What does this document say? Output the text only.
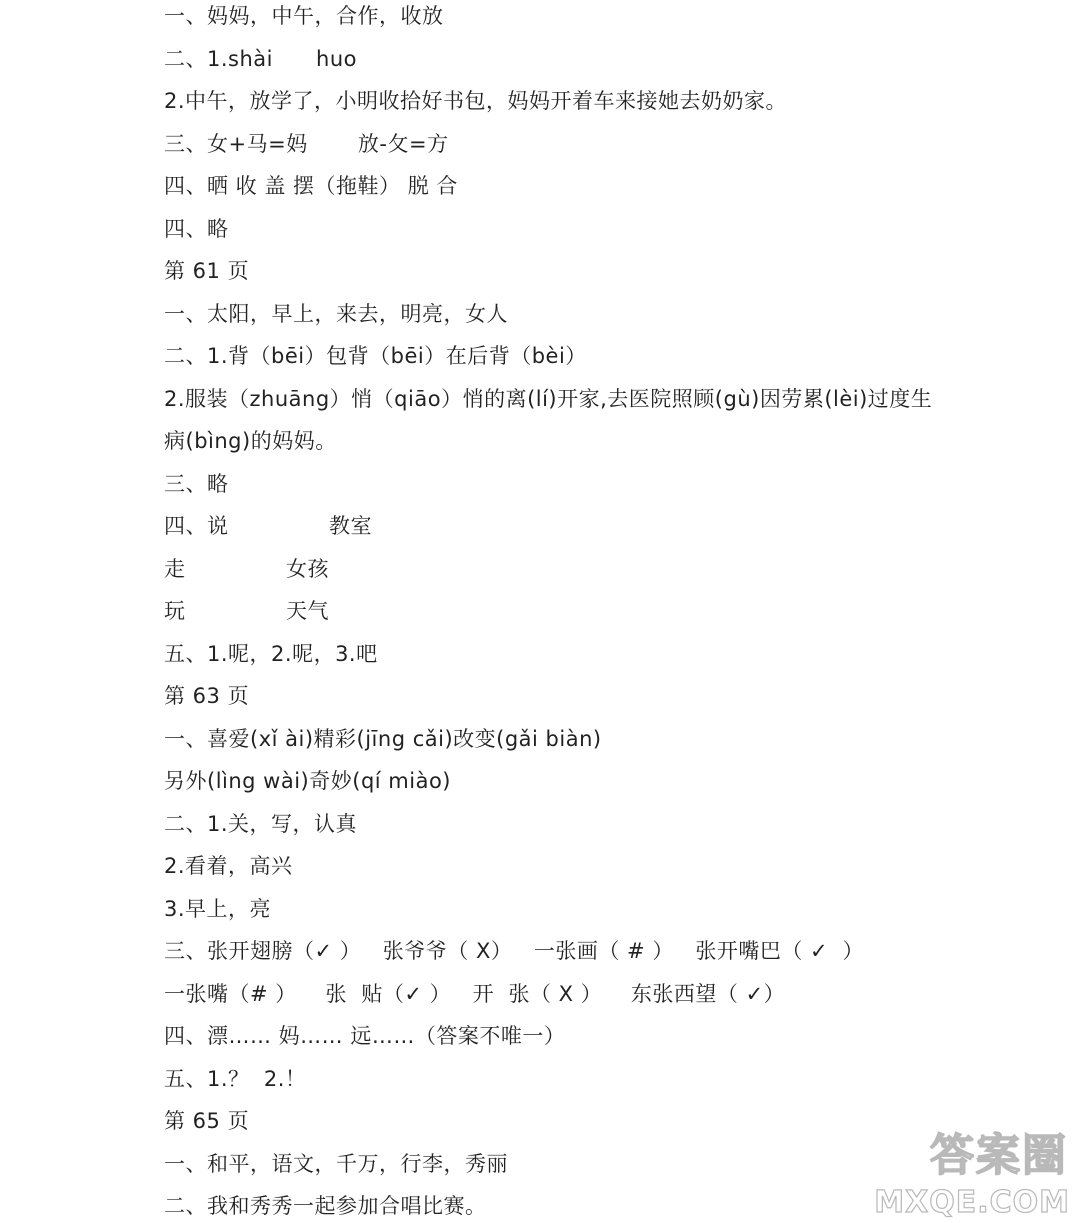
一、妈妈，中午，合作，收放
二、1.shài      huo
2.中午，放学了，小明收拾好书包，妈妈开着车来接她去奶奶家。
三、女+马=妈       放-攵=方
四、晒 收 盖 摆（拖鞋） 脱 合
四、略
第 61 页
一、太阳，早上，来去，明亮，女人
二、1.背（bēi）包背（bēi）在后背（bèi）
2.服装（zhuāng）悄（qiāo）悄的离(lí)开家,去医院照顾(gù)因劳累(lèi)过度生
病(bìng)的妈妈。
三、略
四、说              教室
走              女孩
玩              天气
五、1.呢，2.呢，3.吧
第 63 页
一、喜爱(xǐ ài)精彩(jīng cǎi)改变(gǎi biàn)
另外(lìng wài)奇妙(qí miào)
二、1.关，写，认真
2.看着，高兴
3.早上，亮
三、张开翅膀（✓ ）   张爷爷（ X）   一张画（ # ）   张开嘴巴（ ✓  ）
一张嘴（# ）    张  贴（✓ ）   开  张（ X ）    东张西望（ ✓）
四、漂…… 妈…… 远……（答案不唯一）
五、1.？  2.！
第 65 页
一、和平，语文，千万，行李，秀丽
二、我和秀秀一起参加合唱比赛。
答案圈
MXQE.COM
